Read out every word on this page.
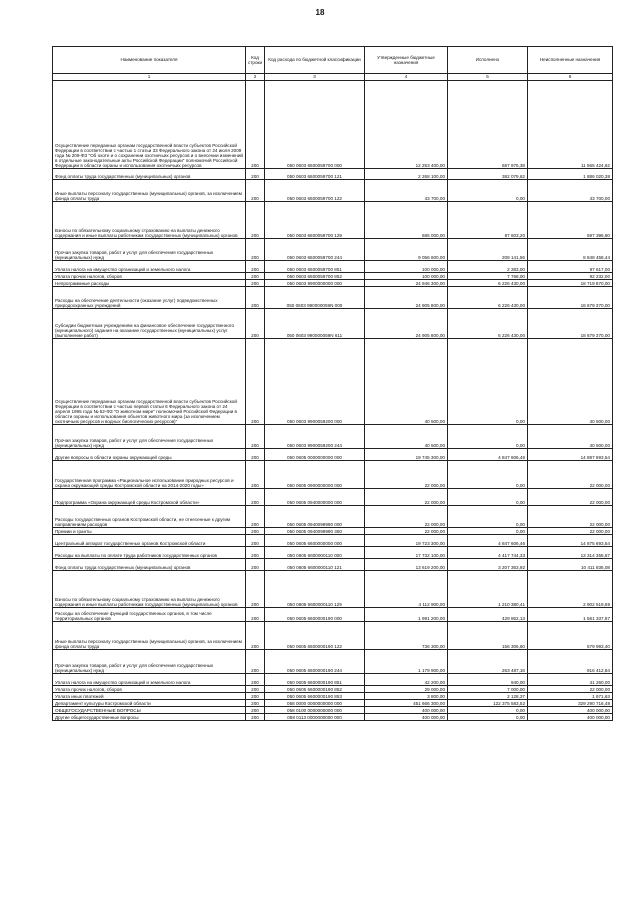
18
Наименование показателя	Код строки	Код расхода по бюджетной классификации	Утвержденные бюджетные назначения	Исполнено	Неисполненные назначения
1	2	3	4	5	6
Осуществление переданных органам государственной власти субъектов Российской Федерации в соответствии с частью 1 статьи 33 Федерального закона от 24 июля 2009 года № 209-ФЗ "Об охоте и о сохранении охотничьих ресурсов и о внесении изменений в отдельные законодательные акты Российской Федерации" полномочий Российской Федерации в области охраны и использования охотничьих ресурсов	200	050 0603 6600059700 000	12 253 400,00	687 975,38	11 565 424,62
Фонд оплаты труда государственных (муниципальных) органов	200	050 0603 6600059700 121	2 268 100,00	382 079,62	1 886 020,38
Иные выплаты персоналу государственных (муниципальных) органов, за исключением фонда оплаты труда	200	050 0603 6600059700 122	43 700,00	0,00	43 700,00
Взносы по обязательному социальному страхованию на выплаты денежного содержания и иные выплаты работникам государственных (муниципальных) органов	200	050 0603 6600059700 129	685 000,00	87 603,20	597 396,80
Прочая закупка товаров, работ и услуг для обеспечения государственных (муниципальных) нужд	200	050 0603 6600059700 244	9 056 600,00	208 141,56	8 848 458,44
Уплата налога на имущество организаций и земельного налога	200	050 0603 6600059700 851	100 000,00	2 383,00	97 617,00
Уплата прочих налогов, сборов	200	050 0603 6600059700 852	100 000,00	7 768,00	92 232,00
Непрограммные расходы	200	050 0603 9900000000 000	24 946 300,00	6 226 430,00	18 719 870,00
Расходы на обеспечение деятельности (оказание услуг) подведомственных природоохранных учреждений	200	050 0603 990000059N 000	24 905 800,00	6 226 430,00	18 679 370,00
Субсидии бюджетным учреждениям на финансовое обеспечение государственного (муниципального) задания на оказание государственных (муниципальных) услуг (выполнение работ)	200	050 0603 990000059N 611	24 905 800,00	6 226 430,00	18 679 370,00
Осуществление переданных органам государственной власти субъектов Российской Федерации в соответствии с частью первой статьи 6 Федерального закона от 24 апреля 1995 года № 52-ФЗ "О животном мире" полномочий Российской Федерации в области охраны и использования объектов животного мира (за исключением охотничьих ресурсов и водных биологических ресурсов)"	200	050 0603 9900059200 000	40 500,00	0,00	40 500,00
Прочая закупка товаров, работ и услуг для обеспечения государственных (муниципальных) нужд	200	050 0603 9900059200 244	40 500,00	0,00	40 500,00
Другие вопросы в области охраны окружающей среды	200	050 0605 0000000000 000	19 745 300,00	4 847 606,46	14 897 693,54
Государственная программа «Рациональное использование природных ресурсов и охрана окружающей среды Костромской области на 2014-2020 годы»	200	050 0605 0900000000 000	22 000,00	0,00	22 000,00
Подпрограмма «Охрана окружающей среды Костромской области»	200	050 0605 0940000000 000	22 000,00	0,00	22 000,00
Расходы государственных органов Костромской области, не отнесенные к другим направлениям расходов	200	050 0605 0940099990 000	22 000,00	0,00	22 000,00
Премии и гранты	200	050 0605 0940099990 350	22 000,00	0,00	22 000,00
Центральный аппарат государственных органов Костромской области	200	050 0605 6600000000 000	19 723 300,00	4 847 606,46	14 875 693,54
Расходы на выплаты по оплате труда работников государственных органов	200	050 0605 6600000110 000	17 732 100,00	4 417 744,33	13 314 355,67
Фонд оплаты труда государственных (муниципальных) органов	200	050 0605 6600000110 121	13 619 200,00	3 207 363,92	10 411 836,08
Взносы по обязательному социальному страхованию на выплаты денежного содержания и иные выплаты работникам государственных (муниципальных) органов	200	050 0605 6600000110 129	4 112 900,00	1 210 380,41	2 902 519,59
Расходы на обеспечение функций государственных органов, в том числе территориальных органов	200	050 0605 6600000190 000	1 991 200,00	429 862,13	1 561 337,87
Иные выплаты персоналу государственных (муниципальных) органов, за исключением фонда оплаты труда	200	050 0605 6600000190 122	736 300,00	156 306,60	579 993,40
Прочая закупка товаров, работ и услуг для обеспечения государственных (муниципальных) нужд	200	050 0605 6600000190 244	1 179 900,00	263 487,16	916 412,84
Уплата налога на имущество организаций и земельного налога	200	050 0605 6600000190 851	42 200,00	940,00	41 260,00
Уплата прочих налогов, сборов	200	050 0605 6600000190 852	29 000,00	7 000,00	22 000,00
Уплата иных платежей	200	050 0605 6600000190 853	3 800,00	2 128,37	1 671,63
Департамент культуры Костромской области	200	058 0000 0000000000 000	451 666 300,00	122 375 583,52	329 290 716,48
ОБЩЕГОСУДАРСТВЕННЫЕ ВОПРОСЫ	200	058 0100 0000000000 000	400 000,00	0,00	400 000,00
Другие общегосударственные вопросы	200	058 0113 0000000000 000	400 000,00	0,00	400 000,00
